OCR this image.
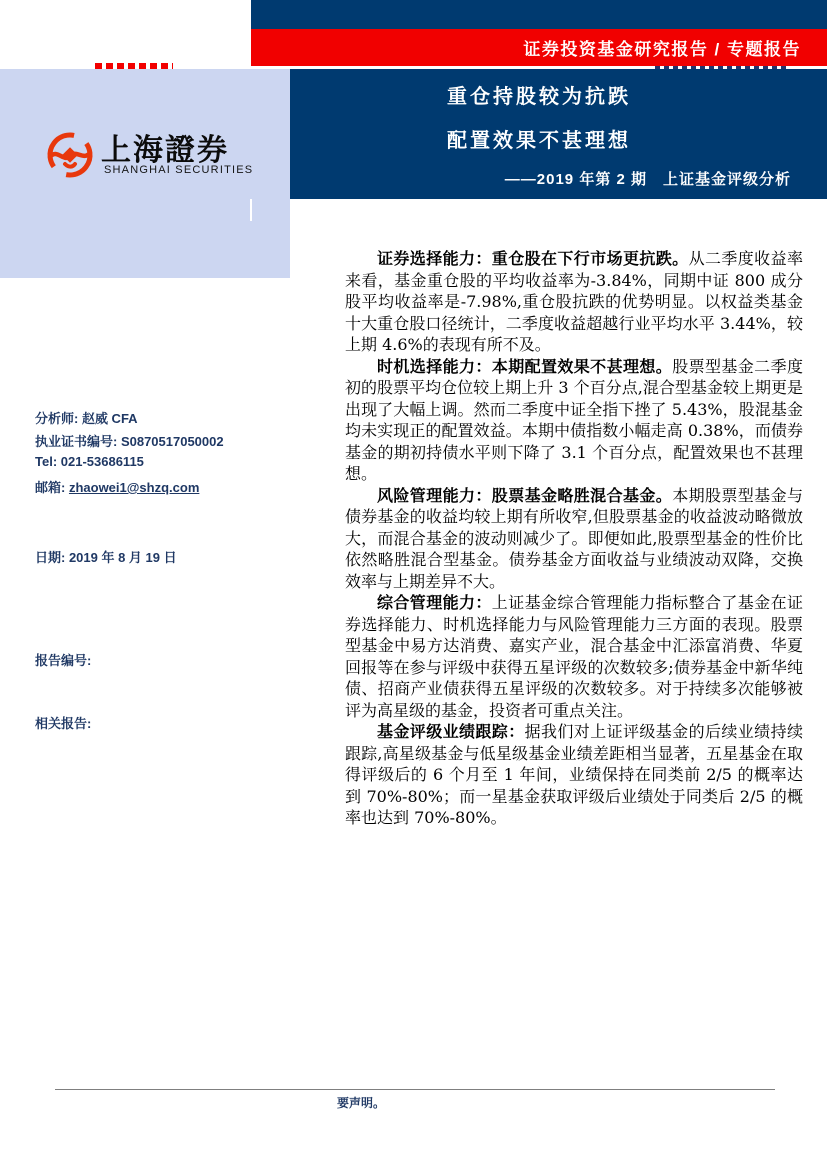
证券投资基金研究报告 / 专题报告
重仓持股较为抗跌
配置效果不甚理想
——2019 年第 2 期　上证基金评级分析
上海證券
SHANGHAI SECURITIES
分析师: 赵威 CFA
执业证书编号: S0870517050002
Tel: 021-53686115
邮箱: zhaowei1@shzq.com
日期: 2019 年 8 月 19 日
报告编号:
相关报告:

证券选择能力：重仓股在下行市场更抗跌。从二季度收益率来看，基金重仓股的平均收益率为-3.84%，同期中证 800 成分股平均收益率是-7.98%,重仓股抗跌的优势明显。以权益类基金十大重仓股口径统计，二季度收益超越行业平均水平 3.44%，较上期 4.6%的表现有所不及。

时机选择能力：本期配置效果不甚理想。股票型基金二季度初的股票平均仓位较上期上升 3 个百分点,混合型基金较上期更是出现了大幅上调。然而二季度中证全指下挫了 5.43%，股混基金均未实现正的配置效益。本期中债指数小幅走高 0.38%，而债券基金的期初持债水平则下降了 3.1 个百分点，配置效果也不甚理想。

风险管理能力：股票基金略胜混合基金。本期股票型基金与债券基金的收益均较上期有所收窄,但股票基金的收益波动略微放大，而混合基金的波动则减少了。即便如此,股票型基金的性价比依然略胜混合型基金。债券基金方面收益与业绩波动双降，交换效率与上期差异不大。

综合管理能力：上证基金综合管理能力指标整合了基金在证券选择能力、时机选择能力与风险管理能力三方面的表现。股票型基金中易方达消费、嘉实产业，混合基金中汇添富消费、华夏回报等在参与评级中获得五星评级的次数较多;债券基金中新华纯债、招商产业债获得五星评级的次数较多。对于持续多次能够被评为高星级的基金，投资者可重点关注。

基金评级业绩跟踪：据我们对上证评级基金的后续业绩持续跟踪,高星级基金与低星级基金业绩差距相当显著，五星基金在取得评级后的 6 个月至 1 年间，业绩保持在同类前 2/5 的概率达到 70%-80%；而一星基金获取评级后业绩处于同类后 2/5 的概率也达到 70%-80%。

要声明。
